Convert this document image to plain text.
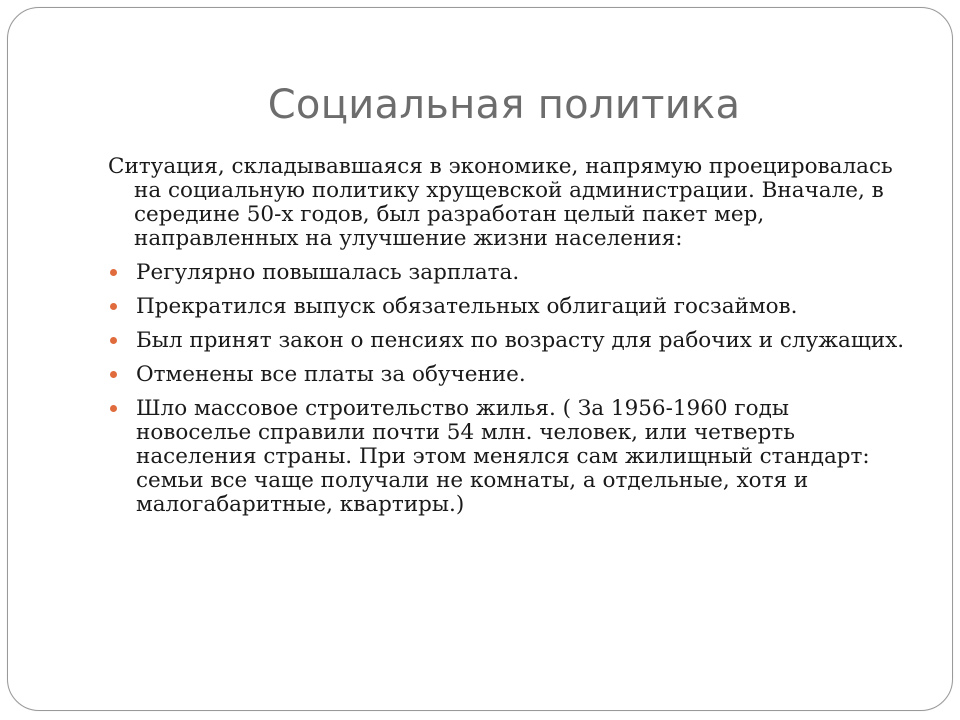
Социальная политика

Ситуация, складывавшаяся в экономике, напрямую проецировалась на социальную политику хрущевской администрации. Вначале, в середине 50-х годов, был разработан целый пакет мер, направленных на улучшение жизни населения:

Регулярно повышалась зарплата.
Прекратился выпуск обязательных облигаций госзаймов.
Был принят закон о пенсиях по возрасту для рабочих и служащих.
Отменены все платы за обучение.
Шло массовое строительство жилья. ( За 1956-1960 годы новоселье справили почти 54 млн. человек, или четверть населения страны. При этом менялся сам жилищный стандарт: семьи все чаще получали не комнаты, а отдельные, хотя и малогабаритные, квартиры.)
